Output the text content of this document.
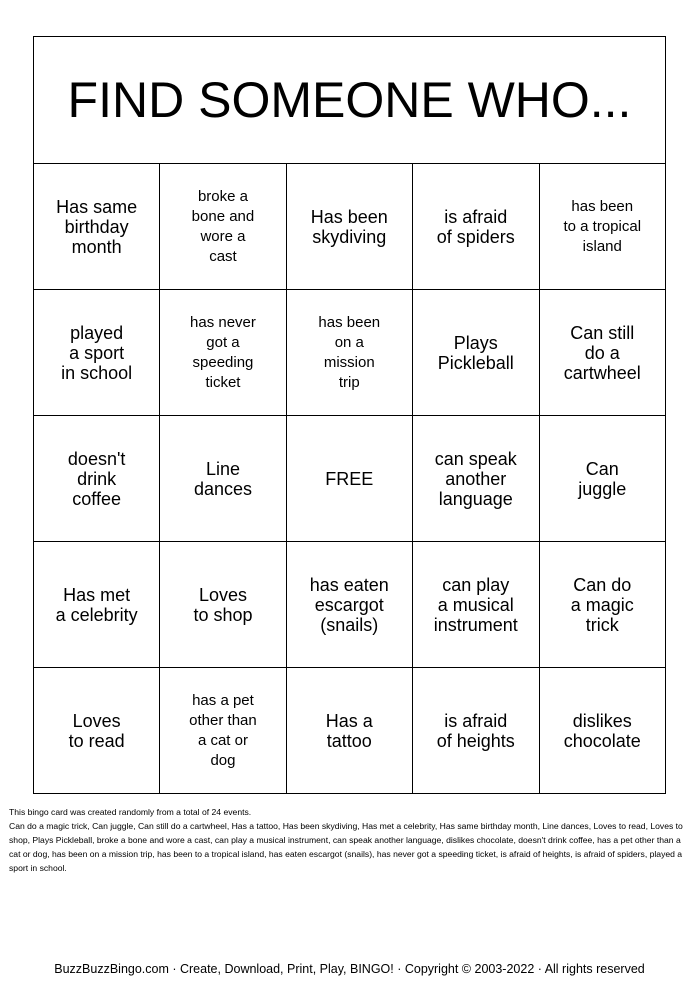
FIND SOMEONE WHO...				
Has same
birthday
month	broke a
bone and
wore a
cast	Has been
skydiving	is afraid
of spiders	has been
to a tropical
island
played
a sport
in school	has never
got a
speeding
ticket	has been
on a
mission
trip	Plays
Pickleball	Can still
do a
cartwheel
doesn't
drink
coffee	Line
dances	FREE	can speak
another
language	Can
juggle
Has met
a celebrity	Loves
to shop	has eaten
escargot
(snails)	can play
a musical
instrument	Can do
a magic
trick
Loves
to read	has a pet
other than
a cat or
dog	Has a
tattoo	is afraid
of heights	dislikes
chocolate
This bingo card was created randomly from a total of 24 events.
Can do a magic trick, Can juggle, Can still do a cartwheel, Has a tattoo, Has been skydiving, Has met a celebrity, Has same birthday month, Line dances, Loves to read, Loves to shop, Plays Pickleball, broke a bone and wore a cast, can play a musical instrument, can speak another language, dislikes chocolate, doesn't drink coffee, has a pet other than a cat or dog, has been on a mission trip, has been to a tropical island, has eaten escargot (snails), has never got a speeding ticket, is afraid of heights, is afraid of spiders, played a sport in school.
BuzzBuzzBingo.com · Create, Download, Print, Play, BINGO! · Copyright © 2003-2022 · All rights reserved
